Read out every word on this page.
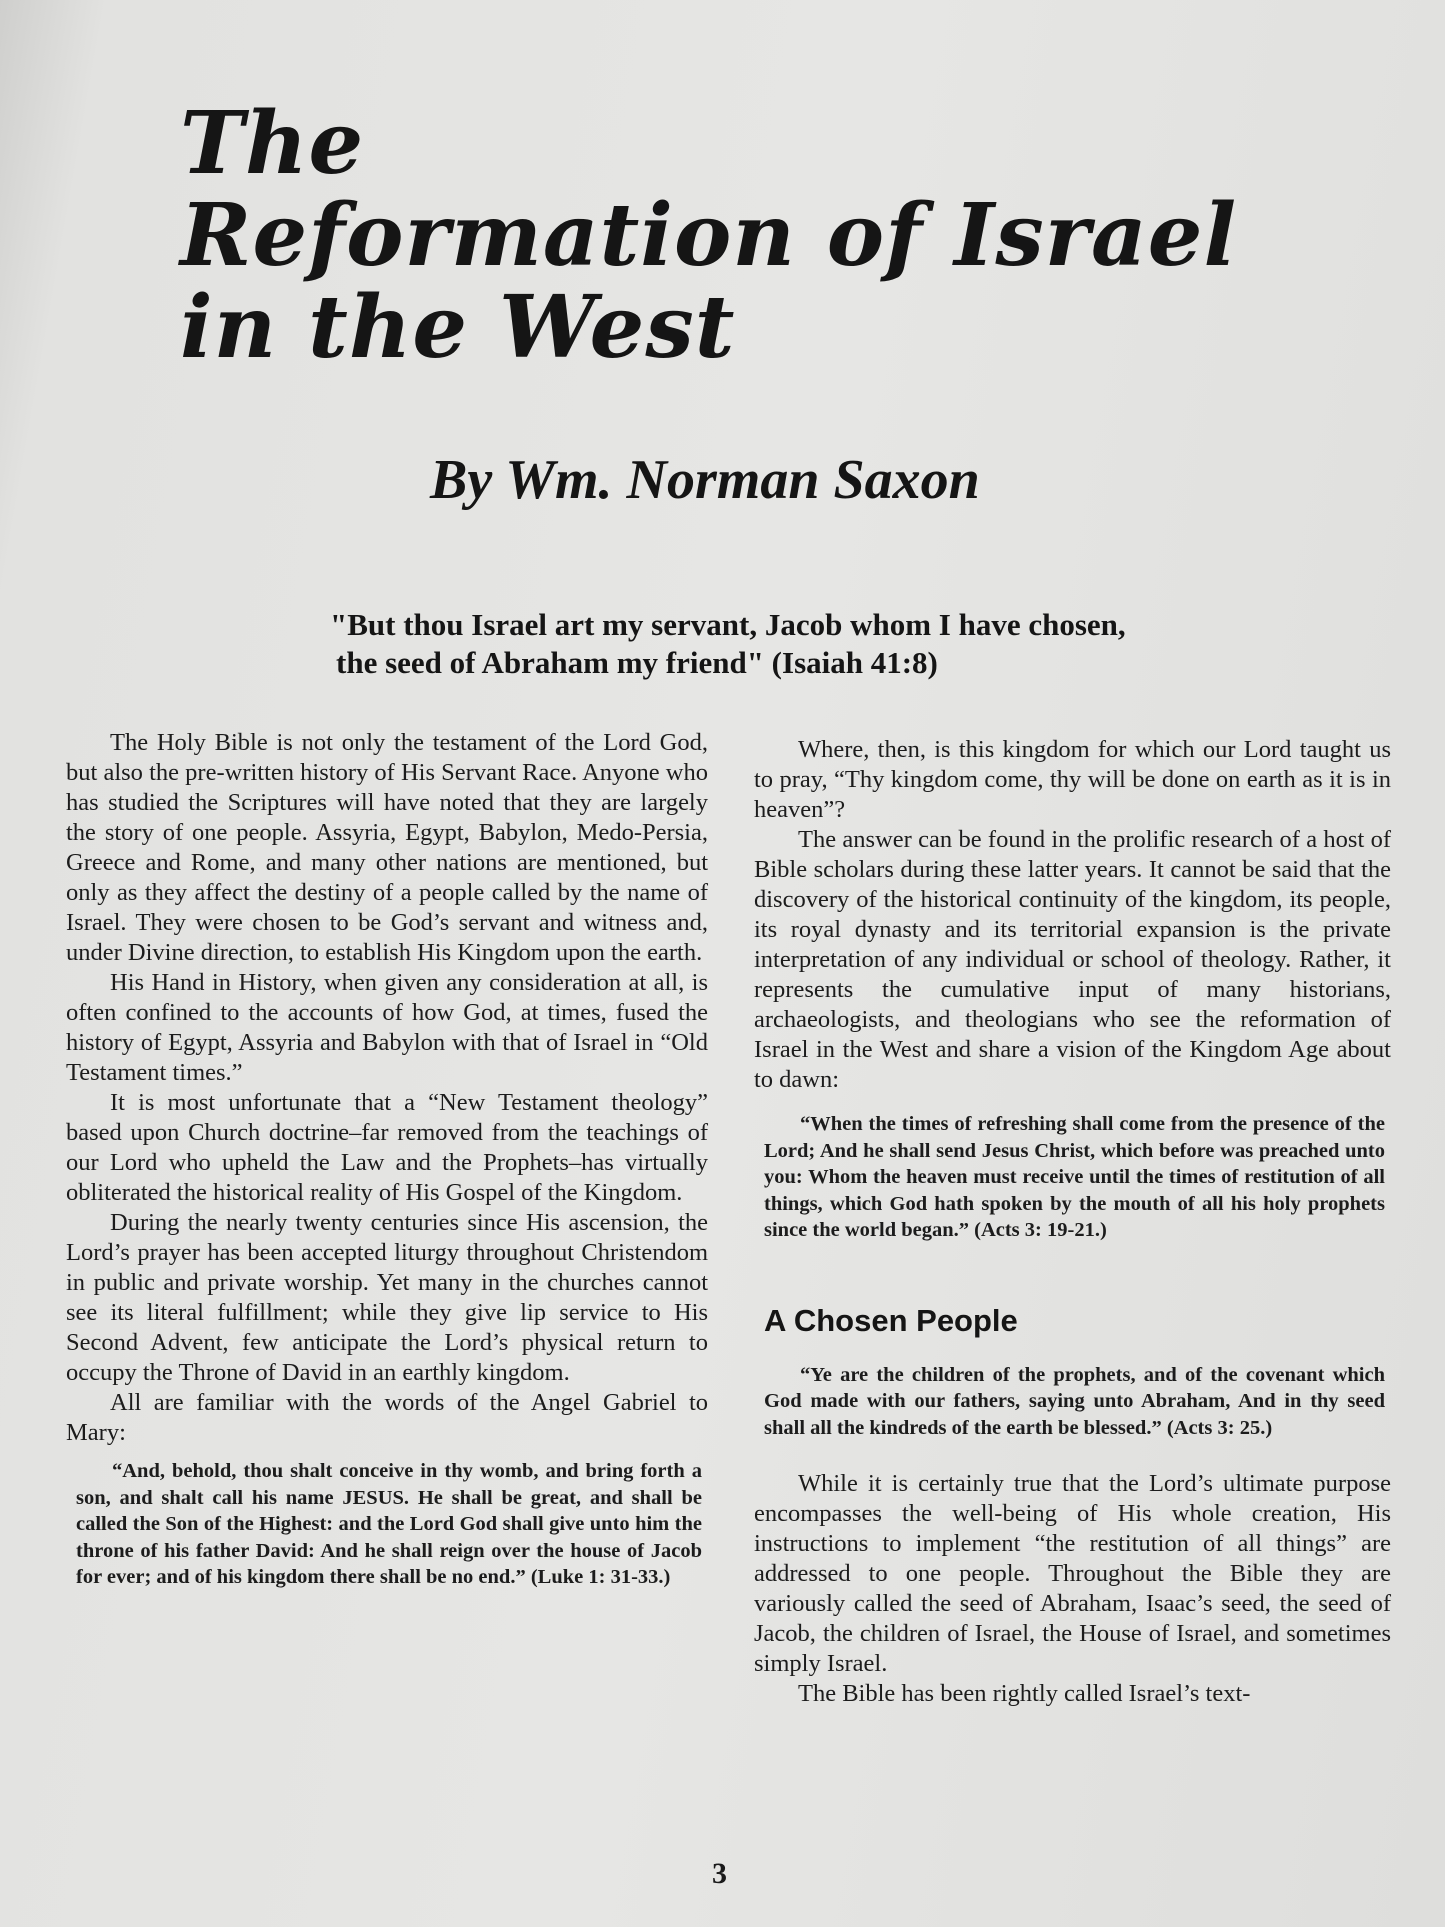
The
Reformation of Israel
in the West
By Wm. Norman Saxon
"But thou Israel art my servant, Jacob whom I have chosen,
the seed of Abraham my friend" (Isaiah 41:8)

The Holy Bible is not only the testament of the Lord God, but also the pre-written history of His Servant Race. Anyone who has studied the Scriptures will have noted that they are largely the story of one people. Assyria, Egypt, Babylon, Medo-Persia, Greece and Rome, and many other nations are mentioned, but only as they affect the destiny of a people called by the name of Israel. They were chosen to be God’s servant and witness and, under Divine direction, to establish His Kingdom upon the earth.

His Hand in History, when given any consideration at all, is often confined to the accounts of how God, at times, fused the history of Egypt, Assyria and Babylon with that of Israel in “Old Testament times.”

It is most unfortunate that a “New Testament theology” based upon Church doctrine–far removed from the teachings of our Lord who upheld the Law and the Prophets–has virtually obliterated the historical reality of His Gospel of the Kingdom.

During the nearly twenty centuries since His ascension, the Lord’s prayer has been accepted liturgy throughout Christendom in public and private worship. Yet many in the churches cannot see its literal fulfillment; while they give lip service to His Second Advent, few anticipate the Lord’s physical return to occupy the Throne of David in an earthly kingdom.

All are familiar with the words of the Angel Gabriel to Mary:

“And, behold, thou shalt conceive in thy womb, and bring forth a son, and shalt call his name JESUS. He shall be great, and shall be called the Son of the Highest: and the Lord God shall give unto him the throne of his father David: And he shall reign over the house of Jacob for ever; and of his kingdom there shall be no end.” (Luke 1: 31-33.)

Where, then, is this kingdom for which our Lord taught us to pray, “Thy kingdom come, thy will be done on earth as it is in heaven”?

The answer can be found in the prolific research of a host of Bible scholars during these latter years. It cannot be said that the discovery of the historical continuity of the kingdom, its people, its royal dynasty and its territorial expansion is the private interpretation of any individual or school of theology. Rather, it represents the cumulative input of many historians, archaeologists, and theologians who see the reformation of Israel in the West and share a vision of the Kingdom Age about to dawn:

“When the times of refreshing shall come from the presence of the Lord; And he shall send Jesus Christ, which before was preached unto you: Whom the heaven must receive until the times of restitution of all things, which God hath spoken by the mouth of all his holy prophets since the world began.” (Acts 3: 19-21.)
A Chosen People
“Ye are the children of the prophets, and of the covenant which God made with our fathers, saying unto Abraham, And in thy seed shall all the kindreds of the earth be blessed.” (Acts 3: 25.)

While it is certainly true that the Lord’s ultimate purpose encompasses the well-being of His whole creation, His instructions to implement “the restitution of all things” are addressed to one people. Throughout the Bible they are variously called the seed of Abraham, Isaac’s seed, the seed of Jacob, the children of Israel, the House of Israel, and sometimes simply Israel.

The Bible has been rightly called Israel’s text-

3
